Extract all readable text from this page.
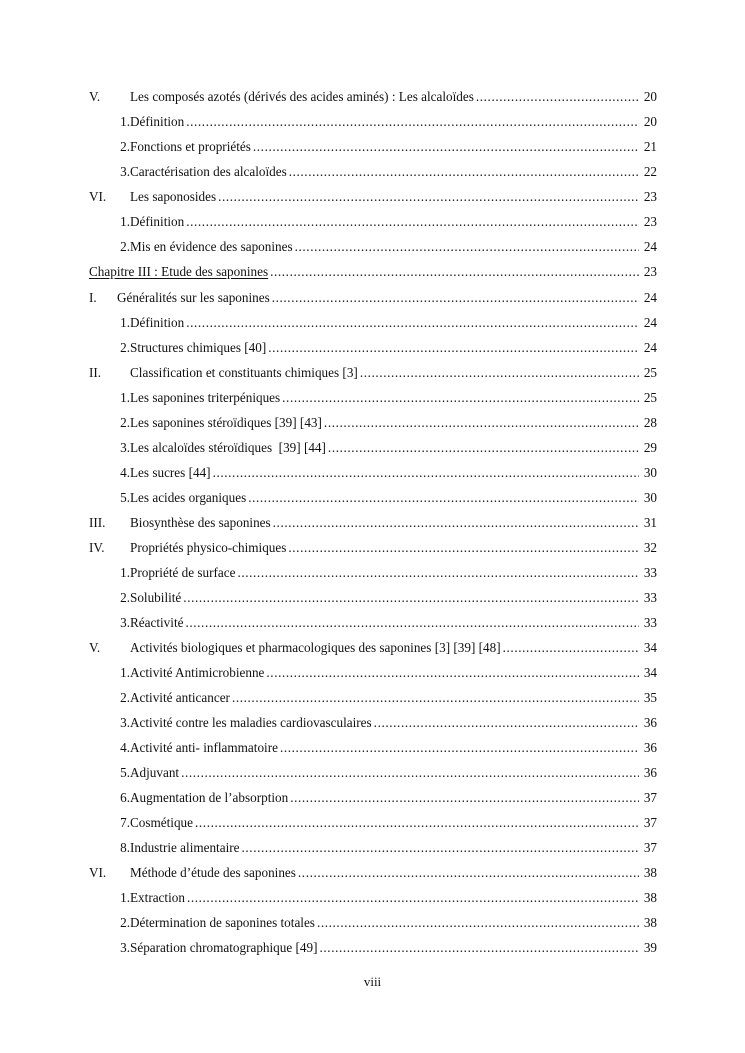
V.	Les composés azotés (dérivés des acides aminés) : Les alcaloïdes .....	20
1. Définition .....	20
2. Fonctions et propriétés .....	21
3. Caractérisation des alcaloïdes .....	22
VI.	Les saponosides .....	23
1. Définition .....	23
2. Mis en évidence des saponines .....	24
Chapitre III : Etude des saponines .....	23
I.	Généralités sur les saponines .....	24
1. Définition .....	24
2. Structures chimiques [40] .....	24
II.	Classification et constituants chimiques [3] .....	25
1. Les saponines triterpéniques .....	25
2. Les saponines stéroïdiques [39] [43] .....	28
3. Les alcaloïdes stéroïdiques  [39] [44] .....	29
4. Les sucres [44] .....	30
5. Les acides organiques .....	30
III.	Biosynthèse des saponines .....	31
IV.	Propriétés physico-chimiques .....	32
1. Propriété de surface .....	33
2. Solubilité .....	33
3. Réactivité .....	33
V.	Activités biologiques et pharmacologiques des saponines [3] [39] [48] .....	34
1. Activité Antimicrobienne .....	34
2. Activité anticancer .....	35
3. Activité contre les maladies cardiovasculaires .....	36
4. Activité anti- inflammatoire .....	36
5. Adjuvant .....	36
6. Augmentation de l’absorption .....	37
7. Cosmétique .....	37
8. Industrie alimentaire .....	37
VI.	Méthode d’étude des saponines .....	38
1. Extraction .....	38
2. Détermination de saponines totales .....	38
3. Séparation chromatographique [49] .....	39
viii
